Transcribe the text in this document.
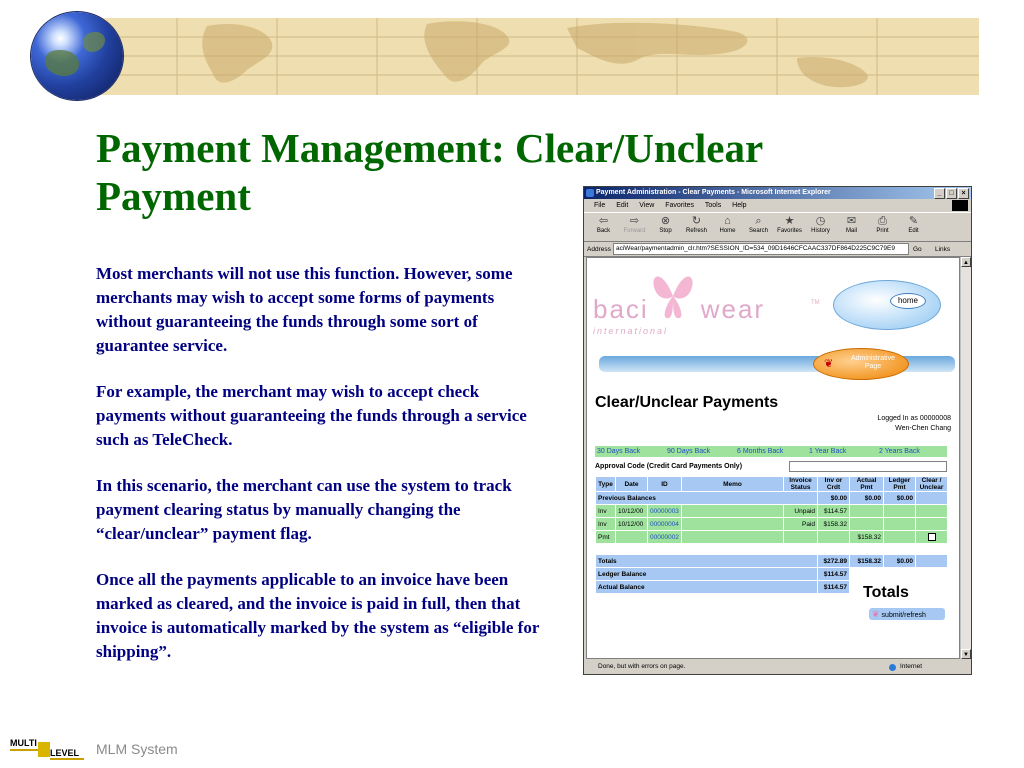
Payment Management: Clear/Unclear Payment

Most merchants will not use this function. However, some merchants may wish to accept some forms of payments without guaranteeing the funds through some sort of guarantee service.

For example, the merchant may wish to accept check payments without guaranteeing the funds through a service such as TeleCheck.

In this scenario, the merchant can use the system to track payment clearing status by manually changing the “clear/unclear” payment flag.

Once all the payments applicable to an invoice have been marked as cleared, and the invoice is paid in full, then that invoice is automatically marked by the system as “eligible for shipping”.

Payment Administration - Clear Payments - Microsoft Internet Explorer	_ □ ×
File Edit View Favorites Tools Help
⇦
Back
⇨
Forward
⊗
Stop
↻
Refresh
⌂
Home
⌕
Search
★
Favorites
◷
History
✉
Mail
⎙
Print
✎
Edit
Address aciWear/paymentadmin_clr.htm?SESSION_ID=534_09D1646CFCAAC337DF864D225C9C79E9	Go	Links
baci wear	TM
international
home
❦	Administrative Page
Clear/Unclear Payments
Logged In as 00000008
Wen-Chen Chang
30 Days Back	90 Days Back	6 Months Back	1 Year Back	2 Years Back
Approval Code (Credit Card Payments Only)
Type	Date	ID	Memo	Invoice Status	Inv or Crdt	Actual Pmt	Ledger Pmt	Clear / Unclear
Previous Balances					$0.00	$0.00	$0.00	
Inv	10/12/00	00000003		Unpaid	$114.57			
Inv	10/12/00	00000004		Paid	$158.32			
Pmt		00000002				$158.32		

Totals					$272.89	$158.32	$0.00	
Ledger Balance					$114.57			
Actual Balance					$114.57			Totals
❦ submit/refresh
▲
▼
Done, but with errors on page.	Internet
MULTI
LEVEL MLM System
